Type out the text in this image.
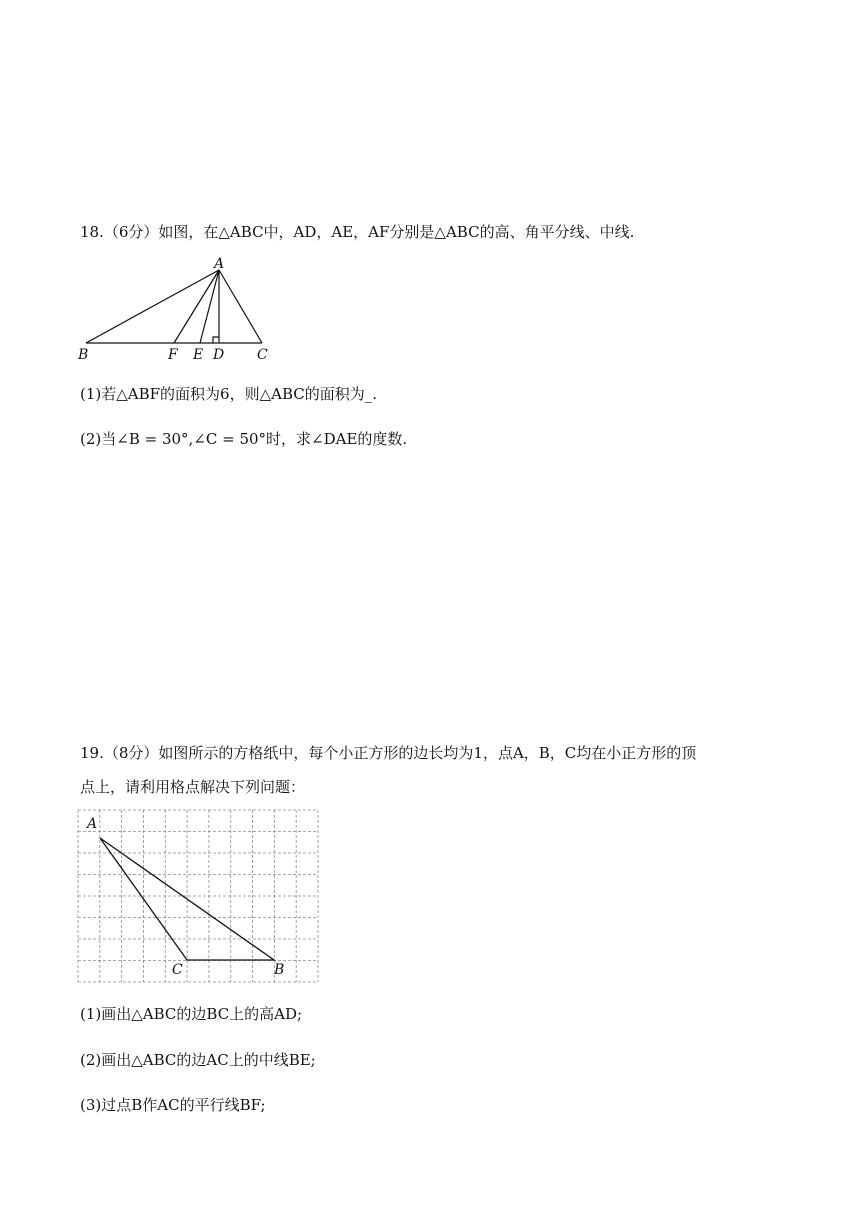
18.（6分）如图，在△ABC中，AD，AE，AF分别是△ABC的高、角平分线、中线.
A
B	F E D C
(1)若△ABF的面积为6，则△ABC的面积为_.
(2)当∠B = 30°,∠C = 50°时，求∠DAE的度数.
19.（8分）如图所示的方格纸中，每个小正方形的边长均为1，点A，B，C均在小正方形的顶
点上，请利用格点解决下列问题：
A
C	B
(1)画出△ABC的边BC上的高AD;
(2)画出△ABC的边AC上的中线BE;
(3)过点B作AC的平行线BF;
